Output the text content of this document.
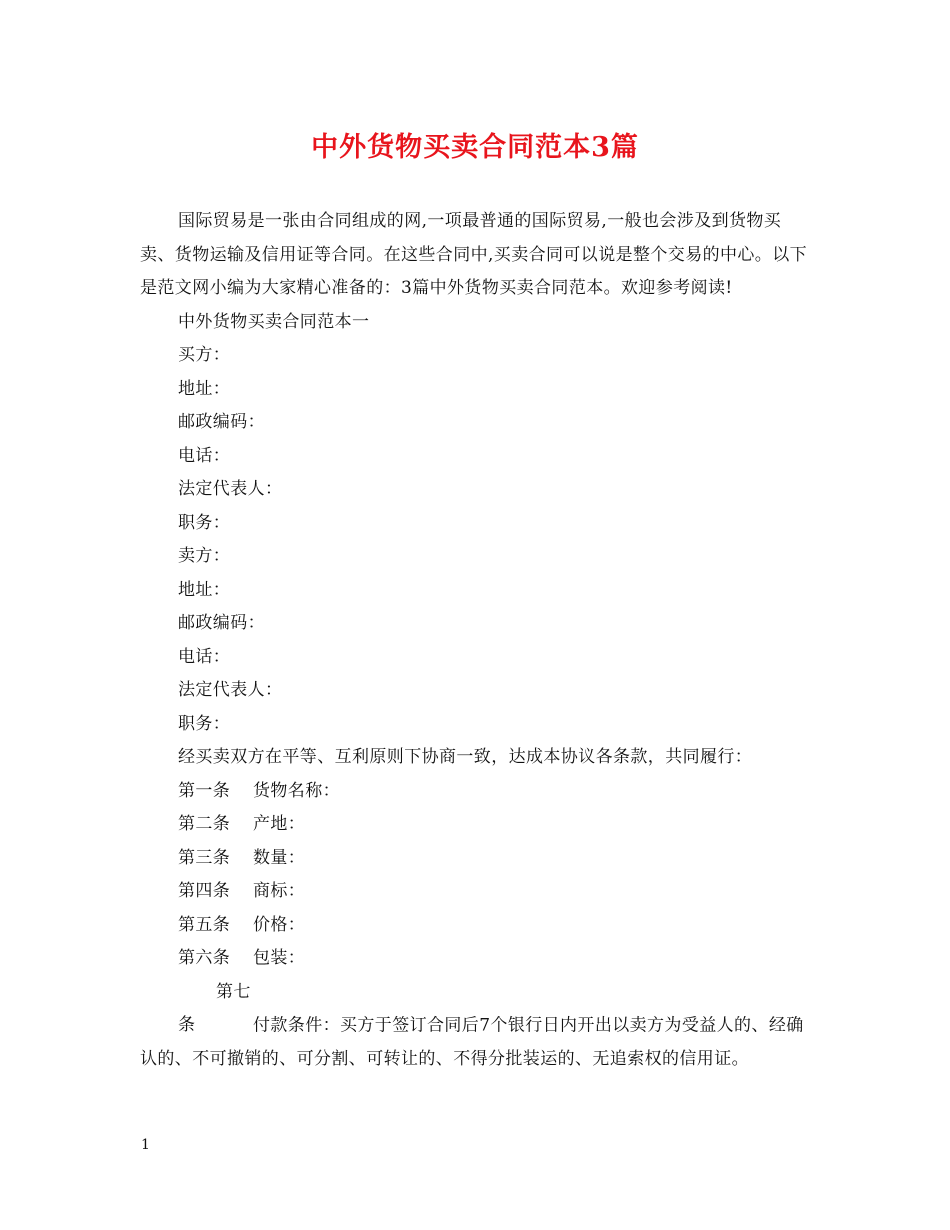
中外货物买卖合同范本3篇

国际贸易是一张由合同组成的网,一项最普通的国际贸易,一般也会涉及到货物买卖、货物运输及信用证等合同。在这些合同中,买卖合同可以说是整个交易的中心。以下是范文网小编为大家精心准备的：3篇中外货物买卖合同范本。欢迎参考阅读!

中外货物买卖合同范本一

买方：

地址：

邮政编码：

电话：

法定代表人：

职务：

卖方：

地址：

邮政编码：

电话：

法定代表人：

职务：

经买卖双方在平等、互利原则下协商一致，达成本协议各条款，共同履行：

第一条 货物名称：

第二条 产地：

第三条 数量：

第四条 商标：

第五条 价格：

第六条 包装：

第七条	付款条件：买方于签订合同后7个银行日内开出以卖方为受益人的、经确认的、不可撤销的、可分割、可转让的、不得分批装运的、无追索权的信用证。

1
